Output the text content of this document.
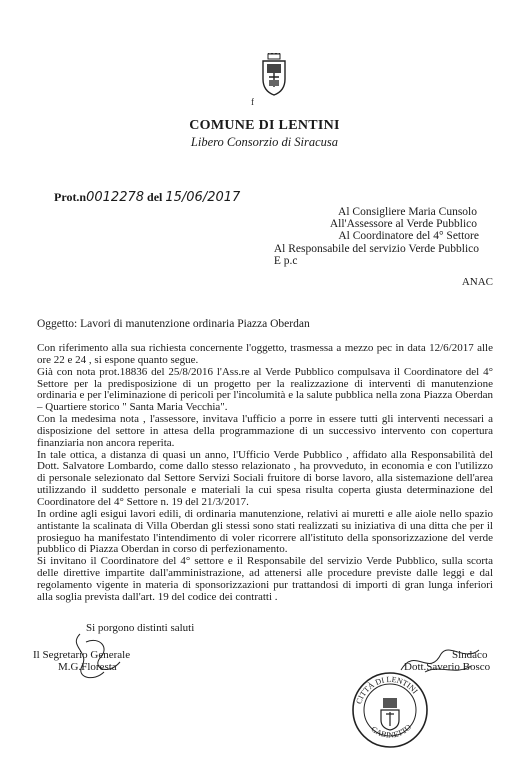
f
COMUNE DI LENTINI
Libero Consorzio di Siracusa
Prot.n0012278 del 15/06/2017
Al Consigliere Maria Cunsolo
All'Assessore al Verde Pubblico
Al Coordinatore del 4° Settore
Al Responsabile del servizio Verde Pubblico
E p.c
ANAC
Oggetto: Lavori di manutenzione ordinaria Piazza Oberdan

Con riferimento alla sua richiesta concernente l'oggetto, trasmessa a mezzo pec in data 12/6/2017 alle ore 22 e 24 , si espone quanto segue.

Già con nota prot.18836 del 25/8/2016 l'Ass.re al Verde Pubblico compulsava il Coordinatore del 4° Settore per la predisposizione di un progetto per la realizzazione di interventi di manutenzione ordinaria e per l'eliminazione di pericoli per l'incolumità e la salute pubblica nella zona Piazza Oberdan – Quartiere storico " Santa Maria Vecchia".

Con la medesima nota , l'assessore, invitava l'ufficio a porre in essere tutti gli interventi necessari a disposizione del settore in attesa della programmazione di un successivo intervento con copertura finanziaria non ancora reperita.

In tale ottica, a distanza di quasi un anno, l'Ufficio Verde Pubblico , affidato alla Responsabilità del Dott. Salvatore Lombardo, come dallo stesso relazionato , ha provveduto, in economia e con l'utilizzo di personale selezionato dal Settore Servizi Sociali fruitore di borse lavoro, alla sistemazione dell'area utilizzando il suddetto personale e materiali la cui spesa risulta coperta giusta determinazione del Coordinatore del 4° Settore n. 19 del 21/3/2017.

In ordine agli esigui lavori edili, di ordinaria manutenzione, relativi ai muretti e alle aiole nello spazio antistante la scalinata di Villa Oberdan gli stessi sono stati realizzati su iniziativa di una ditta che per il prosieguo ha manifestato l'intendimento di voler ricorrere all'istituto della sponsorizzazione del verde pubblico di Piazza Oberdan in corso di perfezionamento.

Si invitano il Coordinatore del 4° settore e il Responsabile del servizio Verde Pubblico, sulla scorta delle direttive impartite dall'amministrazione, ad attenersi alle procedure previste dalle leggi e dal regolamento vigente in materia di sponsorizzazioni pur trattandosi di importi di gran lunga inferiori alla soglia prevista dall'art. 19 del codice dei contratti .

Si porgono distinti saluti
Il Segretario Generale
M.G.Floresta
Sindaco
Dott.Saverio Bosco
CITTÀ DI LENTINI
GABINETTO
